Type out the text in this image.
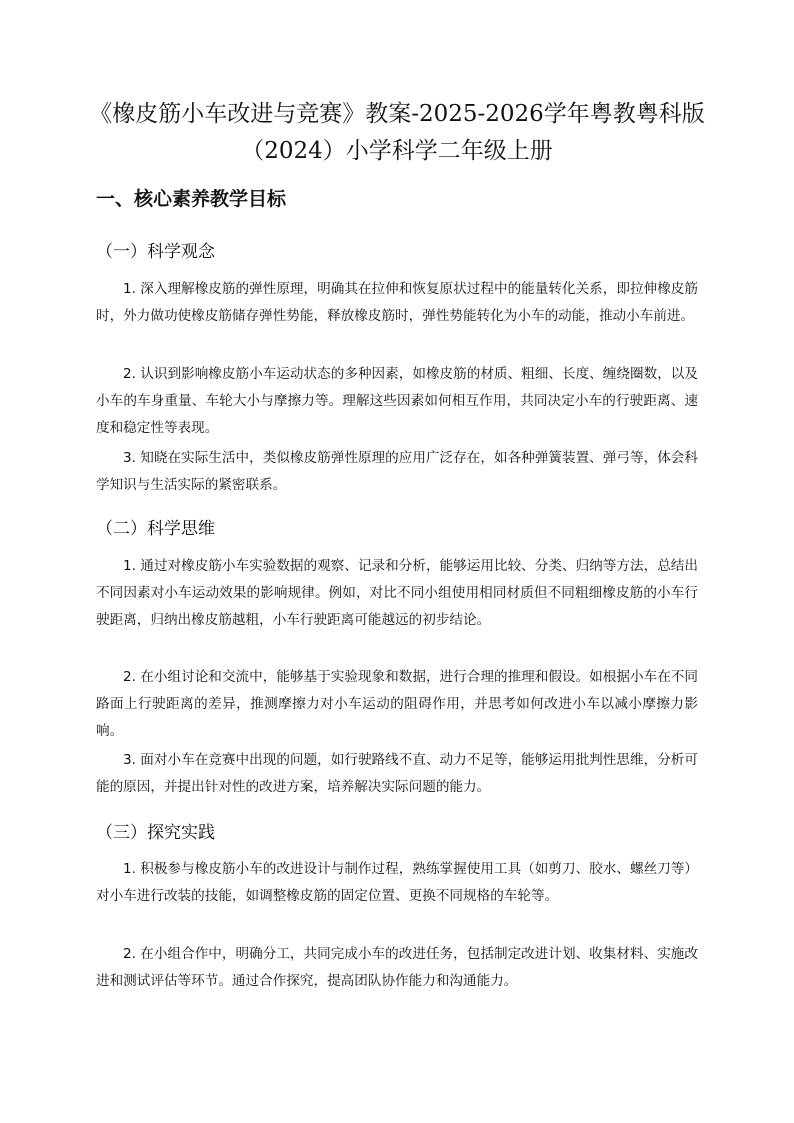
《橡皮筋小车改进与竞赛》教案-2025-2026学年粤教粤科版（2024）小学科学二年级上册
一、核心素养教学目标
（一）科学观念

1. 深入理解橡皮筋的弹性原理，明确其在拉伸和恢复原状过程中的能量转化关系，即拉伸橡皮筋时，外力做功使橡皮筋储存弹性势能，释放橡皮筋时，弹性势能转化为小车的动能，推动小车前进。

2. 认识到影响橡皮筋小车运动状态的多种因素，如橡皮筋的材质、粗细、长度、缠绕圈数，以及小车的车身重量、车轮大小与摩擦力等。理解这些因素如何相互作用，共同决定小车的行驶距离、速度和稳定性等表现。

3. 知晓在实际生活中，类似橡皮筋弹性原理的应用广泛存在，如各种弹簧装置、弹弓等，体会科学知识与生活实际的紧密联系。

（二）科学思维

1. 通过对橡皮筋小车实验数据的观察、记录和分析，能够运用比较、分类、归纳等方法，总结出不同因素对小车运动效果的影响规律。例如，对比不同小组使用相同材质但不同粗细橡皮筋的小车行驶距离，归纳出橡皮筋越粗，小车行驶距离可能越远的初步结论。

2. 在小组讨论和交流中，能够基于实验现象和数据，进行合理的推理和假设。如根据小车在不同路面上行驶距离的差异，推测摩擦力对小车运动的阻碍作用，并思考如何改进小车以减小摩擦力影响。

3. 面对小车在竞赛中出现的问题，如行驶路线不直、动力不足等，能够运用批判性思维，分析可能的原因，并提出针对性的改进方案，培养解决实际问题的能力。

（三）探究实践

1. 积极参与橡皮筋小车的改进设计与制作过程，熟练掌握使用工具（如剪刀、胶水、螺丝刀等）对小车进行改装的技能，如调整橡皮筋的固定位置、更换不同规格的车轮等。

2. 在小组合作中，明确分工，共同完成小车的改进任务，包括制定改进计划、收集材料、实施改进和测试评估等环节。通过合作探究，提高团队协作能力和沟通能力。
